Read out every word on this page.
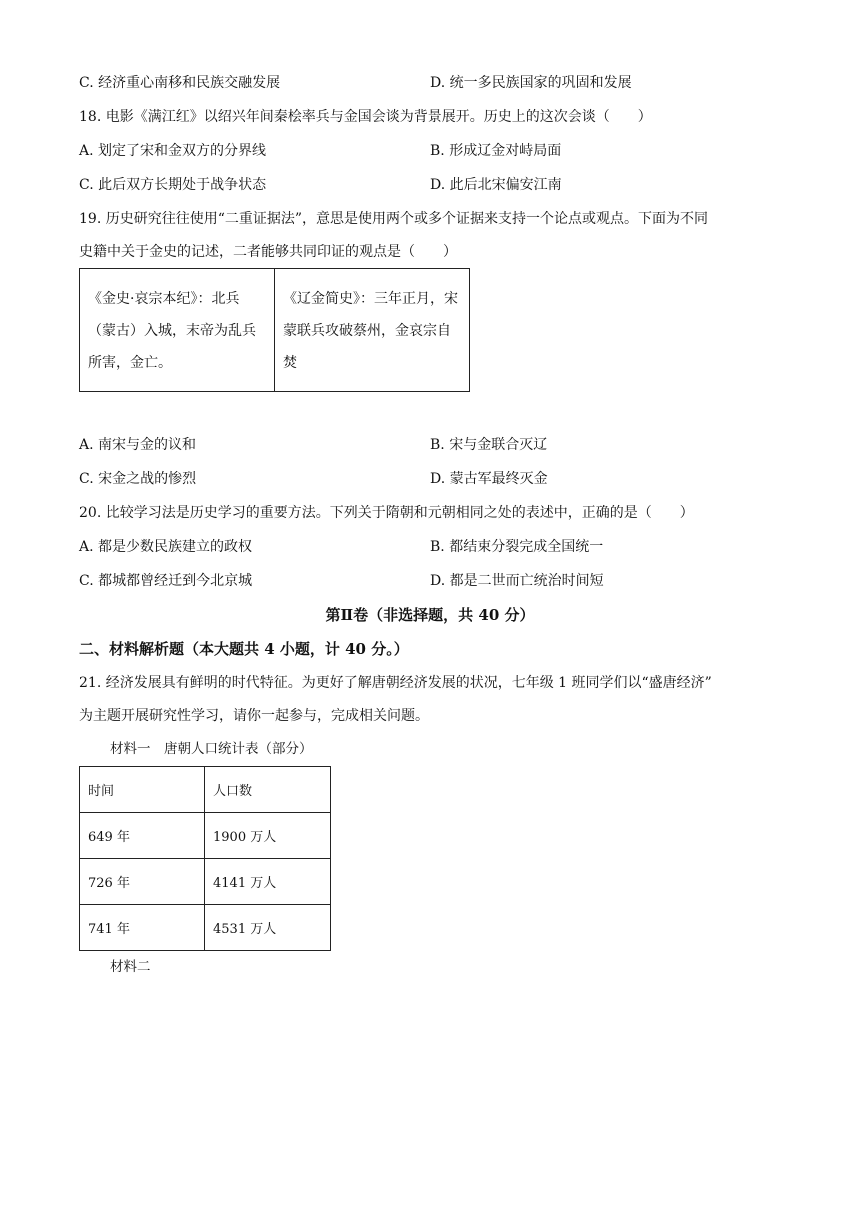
C. 经济重心南移和民族交融发展	D. 统一多民族国家的巩固和发展
18. 电影《满江红》以绍兴年间秦桧率兵与金国会谈为背景展开。历史上的这次会谈（　　）
A. 划定了宋和金双方的分界线	B. 形成辽金对峙局面
C. 此后双方长期处于战争状态	D. 此后北宋偏安江南
19. 历史研究往往使用“二重证据法”，意思是使用两个或多个证据来支持一个论点或观点。下面为不同
史籍中关于金史的记述，二者能够共同印证的观点是（　　）
《金史·哀宗本纪》：北兵（蒙古）入城，末帝为乱兵所害，金亡。	《辽金简史》：三年正月，宋蒙联兵攻破蔡州，金哀宗自焚
A. 南宋与金的议和	B. 宋与金联合灭辽
C. 宋金之战的惨烈	D. 蒙古军最终灭金
20. 比较学习法是历史学习的重要方法。下列关于隋朝和元朝相同之处的表述中，正确的是（　　）
A. 都是少数民族建立的政权	B. 都结束分裂完成全国统一
C. 都城都曾经迁到今北京城	D. 都是二世而亡统治时间短
第Ⅱ卷（非选择题，共 40 分）
二、材料解析题（本大题共 4 小题，计 40 分。）
21. 经济发展具有鲜明的时代特征。为更好了解唐朝经济发展的状况，七年级 1 班同学们以“盛唐经济”
为主题开展研究性学习，请你一起参与，完成相关问题。
材料一　唐朝人口统计表（部分）
时间	人口数
649 年	1900 万人
726 年	4141 万人
741 年	4531 万人
材料二
